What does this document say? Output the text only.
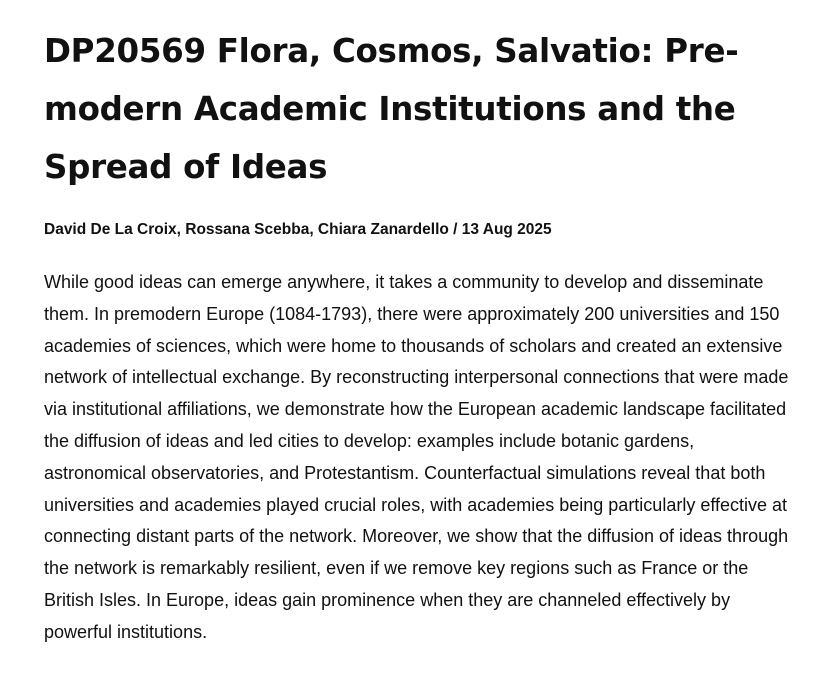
DP20569 Flora, Cosmos, Salvatio: Pre-modern Academic Institutions and the Spread of Ideas
David De La Croix, Rossana Scebba, Chiara Zanardello / 13 Aug 2025

While good ideas can emerge anywhere, it takes a community to develop and disseminate them. In premodern Europe (1084-1793), there were approximately 200 universities and 150 academies of sciences, which were home to thousands of scholars and created an extensive network of intellectual exchange. By reconstructing interpersonal connections that were made via institutional affiliations, we demonstrate how the European academic landscape facilitated the diffusion of ideas and led cities to develop: examples include botanic gardens, astronomical observatories, and Protestantism. Counterfactual simulations reveal that both universities and academies played crucial roles, with academies being particularly effective at connecting distant parts of the network. Moreover, we show that the diffusion of ideas through the network is remarkably resilient, even if we remove key regions such as France or the British Isles. In Europe, ideas gain prominence when they are channeled effectively by powerful institutions.
